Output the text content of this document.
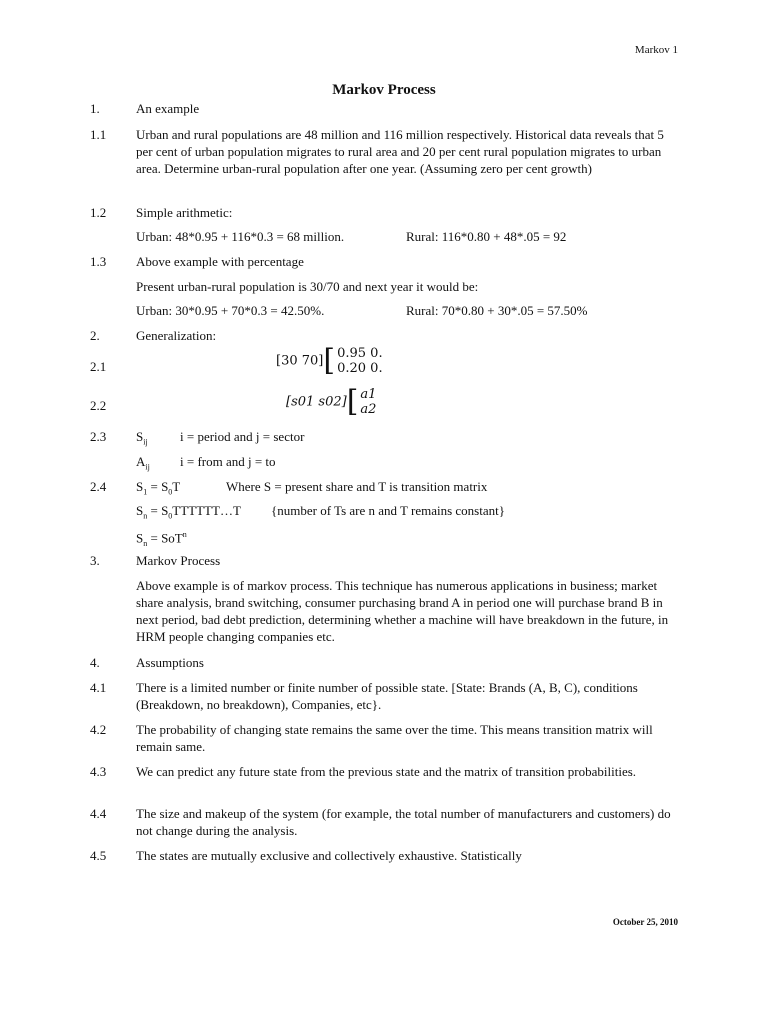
Markov 1
Markov Process
1.	An example
1.1 Urban and rural populations are 48 million and 116 million respectively. Historical data reveals that 5 per cent of urban population migrates to rural area and 20 per cent rural population migrates to urban area. Determine urban-rural population after one year. (Assuming zero per cent growth)
1.2 Simple arithmetic:
Urban: 48*0.95 + 116*0.3 = 68 million.	Rural: 116*0.80 + 48*.05 = 92
1.3 Above example with percentage
Present urban-rural population is 30/70 and next year it would be:
Urban: 30*0.95 + 70*0.3 = 42.50%.	Rural: 70*0.80 + 30*.05 = 57.50%
2.	Generalization:
2.1	[30 70][ 0.95 0.
0.20 0.
2.2	[s01 s02][ a1
a2
2.3 $S_{ij}$ i = period and j = sector
$A_{ij}$ i = from and j = to
2.4 $S_1 = S_0T$	Where S = present share and T is transition matrix
$S_n$ = $S_0TTTTTT\dots T$ {number of Ts are n and T remains constant}
$S_n = SoT^n$
3.	Markov Process
Above example is of markov process. This technique has numerous applications in business; market share analysis, brand switching, consumer purchasing brand A in period one will purchase brand B in next period, bad debt prediction, determining whether a machine will have breakdown in the future, in HRM people changing companies etc.
4.	Assumptions
4.1 There is a limited number or finite number of possible state. [State: Brands (A, B, C), conditions (Breakdown, no breakdown), Companies, etc}.
4.2 The probability of changing state remains the same over the time. This means transition matrix will remain same.
4.3 We can predict any future state from the previous state and the matrix of transition probabilities.
4.4 The size and makeup of the system (for example, the total number of manufacturers and customers) do not change during the analysis.
4.5 The states are mutually exclusive and collectively exhaustive. Statistically
October 25, 2010
